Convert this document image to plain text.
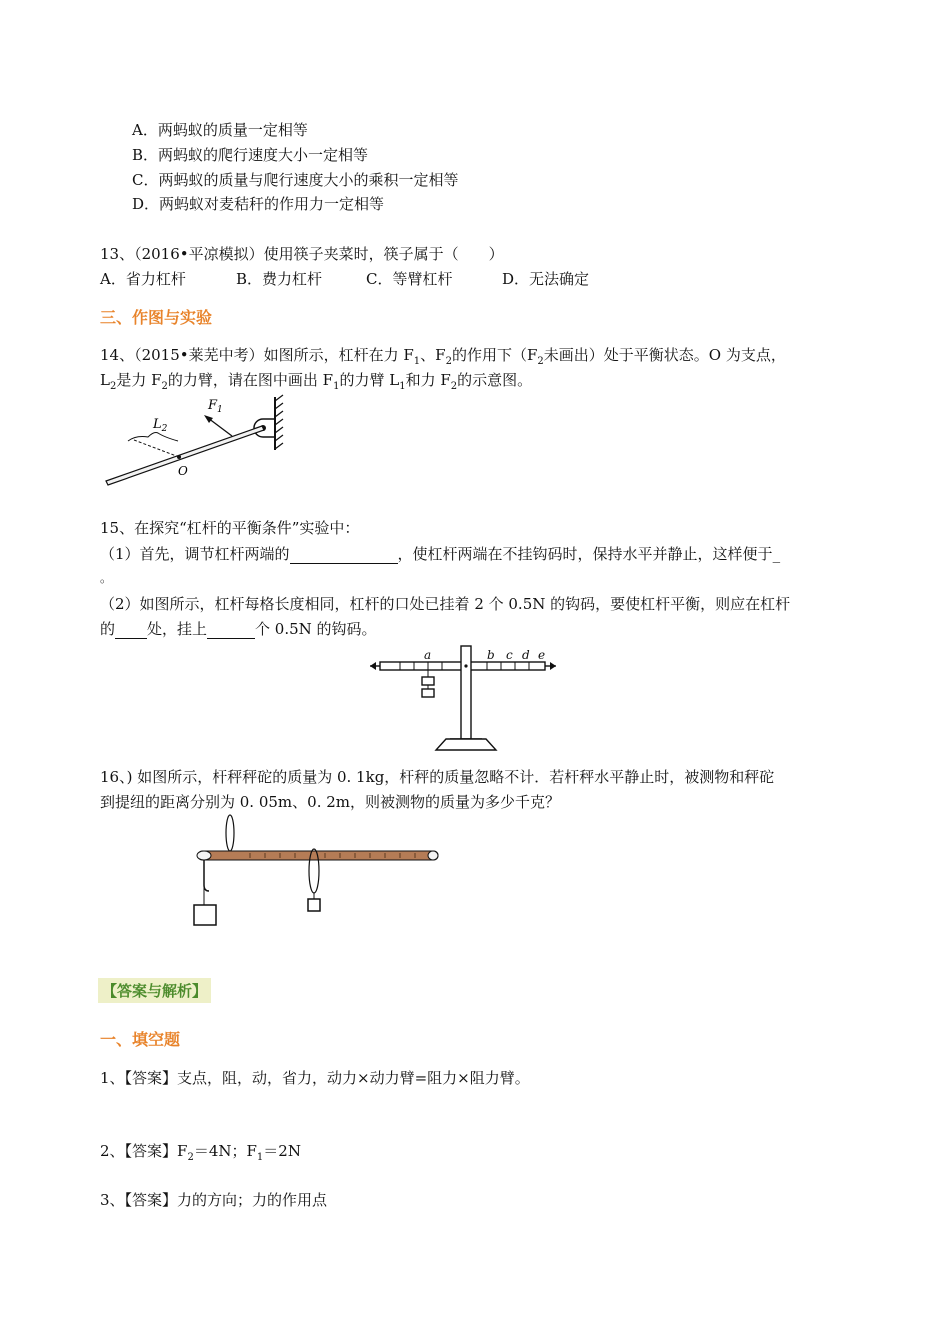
A．两蚂蚁的质量一定相等
B．两蚂蚁的爬行速度大小一定相等
C．两蚂蚁的质量与爬行速度大小的乘积一定相等
D．两蚂蚁对麦秸秆的作用力一定相等
13、（2016•平凉模拟）使用筷子夹菜时，筷子属于（　　）
A．省力杠杆	B．费力杠杆	C．等臂杠杆	D．无法确定
三、作图与实验
14、（2015•莱芜中考）如图所示，杠杆在力 $F_1$、$F_2$的作用下（$F_2$未画出）处于平衡状态。O 为支点，
$L_2$是力 $F_2$的力臂，请在图中画出 $F_1$的力臂 $L_1$和力 $F_2$的示意图。
$F_1$
$L_2$
O
15、在探究“杠杆的平衡条件”实验中：
（1）首先，调节杠杆两端的	，使杠杆两端在不挂钩码时，保持水平并静止，这样便于_
。
（2）如图所示，杠杆每格长度相同，杠杆的口处已挂着 2 个 0.5N 的钩码，要使杠杆平衡，则应在杠杆
的 处，挂上	个 0.5N 的钩码。
a	b c d e
16、) 如图所示，杆秤秤砣的质量为 0. 1kg，杆秤的质量忽略不计．若杆秤水平静止时，被测物和秤砣
到提纽的距离分别为 0. 05m、0. 2m，则被测物的质量为多少千克？
【答案与解析】
一、填空题
1、【答案】支点，阻，动，省力，动力×动力臂=阻力×阻力臂。
2、【答案】$F_2=4N$；$F_1=2N$
3、【答案】力的方向；力的作用点
